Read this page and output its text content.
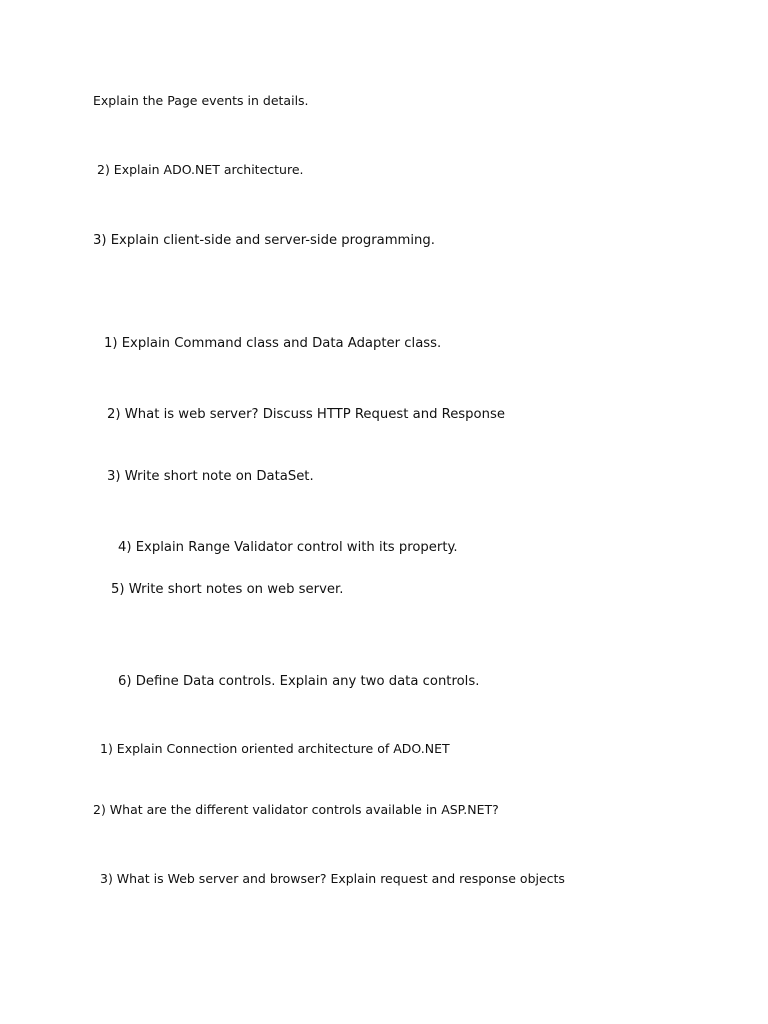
Explain the Page events in details.
2) Explain ADO.NET architecture.
3) Explain client-side and server-side programming.
1) Explain Command class and Data Adapter class.
2) What is web server? Discuss HTTP Request and Response
3) Write short note on DataSet.
4) Explain Range Validator control with its property.
5) Write short notes on web server.
6) Define Data controls. Explain any two data controls.
1) Explain Connection oriented architecture of ADO.NET
2) What are the different validator controls available in ASP.NET?
3) What is Web server and browser? Explain request and response objects
